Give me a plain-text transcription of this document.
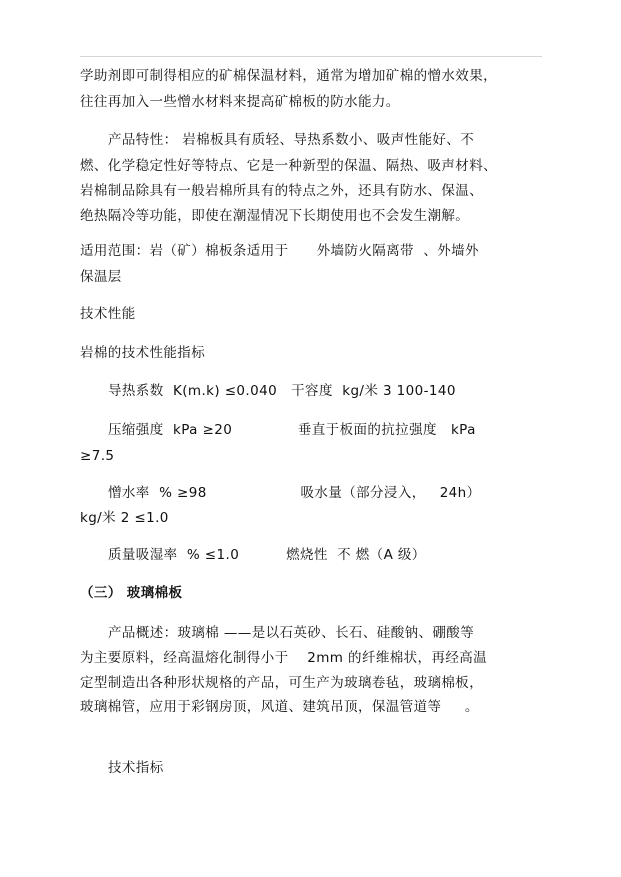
学助剂即可制得相应的矿棉保温材料，通常为增加矿棉的憎水效果，
往往再加入一些憎水材料来提高矿棉板的防水能力。
产品特性： 岩棉板具有质轻、导热系数小、吸声性能好、不
燃、化学稳定性好等特点、它是一种新型的保温、隔热、吸声材料、
岩棉制品除具有一般岩棉所具有的特点之外，还具有防水、保温、
绝热隔冷等功能，即使在潮湿情况下长期使用也不会发生潮解。
适用范围：岩（矿）棉板条适用于      外墙防火隔离带  、外墙外
保温层
技术性能
岩棉的技术性能指标
导热系数  K(m.k) ≤0.040   干容度  kg/米 3 100-140
压缩强度  kPa ≥20              垂直于板面的抗拉强度   kPa
≥7.5
憎水率  % ≥98                    吸水量（部分浸入，   24h）
kg/米 2 ≤1.0
质量吸湿率  % ≤1.0          燃烧性  不 燃（A 级）
（三） 玻璃棉板
产品概述：玻璃棉 ——是以石英砂、长石、硅酸钠、硼酸等
为主要原料，经高温熔化制得小于    2mm 的纤维棉状，再经高温
定型制造出各种形状规格的产品，可生产为玻璃卷毡，玻璃棉板，
玻璃棉管，应用于彩钢房顶，风道、建筑吊顶，保温管道等     。
技术指标
